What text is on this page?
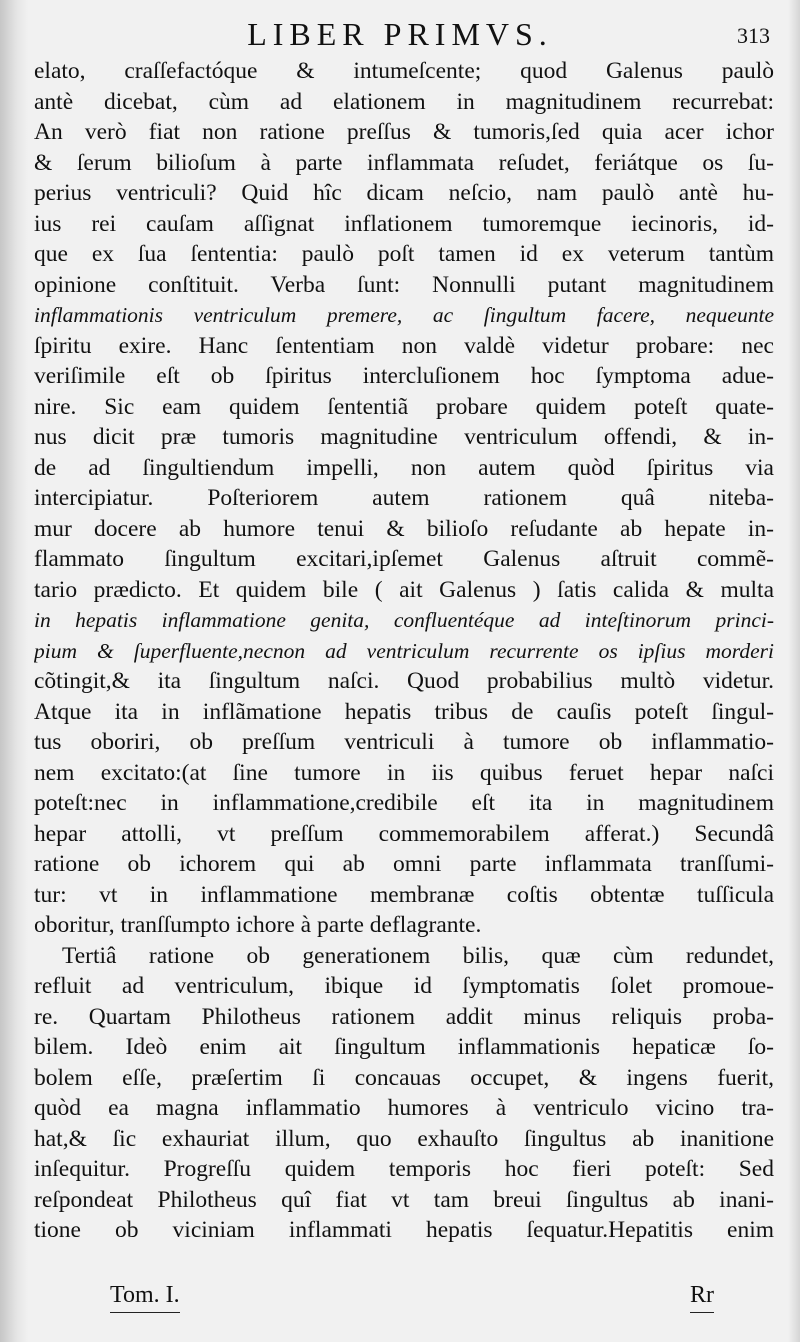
LIBER PRIMVS.	313
elato, craſſefactóque & intumeſcente; quod Galenus paulò
antè dicebat, cùm ad elationem in magnitudinem recurrebat:
An verò fiat non ratione preſſus & tumoris,ſed quia acer ichor
& ſerum bilioſum à parte inflammata reſudet, feriátque os ſu-
perius ventriculi? Quid hîc dicam neſcio, nam paulò antè hu-
ius rei cauſam aſſignat inflationem tumoremque iecinoris, id-
que ex ſua ſententia: paulò poſt tamen id ex veterum tantùm
opinione conſtituit. Verba ſunt: Nonnulli putant magnitudinem
inflammationis ventriculum premere, ac ſingultum facere, nequeunte
ſpiritu exire. Hanc ſententiam non valdè videtur probare: nec
veriſimile eſt ob ſpiritus intercluſionem hoc ſymptoma adue-
nire. Sic eam quidem ſententiã probare quidem poteſt quate-
nus dicit præ tumoris magnitudine ventriculum offendi, & in-
de ad ſingultiendum impelli, non autem quòd ſpiritus via
intercipiatur. Poſteriorem autem rationem quâ niteba-
mur docere ab humore tenui & bilioſo reſudante ab hepate in-
flammato ſingultum excitari,ipſemet Galenus aſtruit commẽ-
tario prædicto. Et quidem bile ( ait Galenus ) ſatis calida & multa
in hepatis inflammatione genita, confluentéque ad inteſtinorum princi-
pium & ſuperfluente,necnon ad ventriculum recurrente os ipſius morderi
cõtingit,& ita ſingultum naſci. Quod probabilius multò videtur.
Atque ita in inflãmatione hepatis tribus de cauſis poteſt ſingul-
tus oboriri, ob preſſum ventriculi à tumore ob inflammatio-
nem excitato:(at ſine tumore in iis quibus feruet hepar naſci
poteſt:nec in inflammatione,credibile eſt ita in magnitudinem
hepar attolli, vt preſſum commemorabilem afferat.) Secundâ
ratione ob ichorem qui ab omni parte inflammata tranſſumi-
tur: vt in inflammatione membranæ coſtis obtentæ tuſſicula
oboritur, tranſſumpto ichore à parte deflagrante.
Tertiâ ratione ob generationem bilis, quæ cùm redundet,
refluit ad ventriculum, ibique id ſymptomatis ſolet promoue-
re. Quartam Philotheus rationem addit minus reliquis proba-
bilem. Ideò enim ait ſingultum inflammationis hepaticæ ſo-
bolem eſſe, præſertim ſi concauas occupet, & ingens fuerit,
quòd ea magna inflammatio humores à ventriculo vicino tra-
hat,& ſic exhauriat illum, quo exhauſto ſingultus ab inanitione
inſequitur. Progreſſu quidem temporis hoc fieri poteſt: Sed
reſpondeat Philotheus quî fiat vt tam breui ſingultus ab inani-
tione ob viciniam inflammati hepatis ſequatur.Hepatitis enim
Tom. I.	Rr
